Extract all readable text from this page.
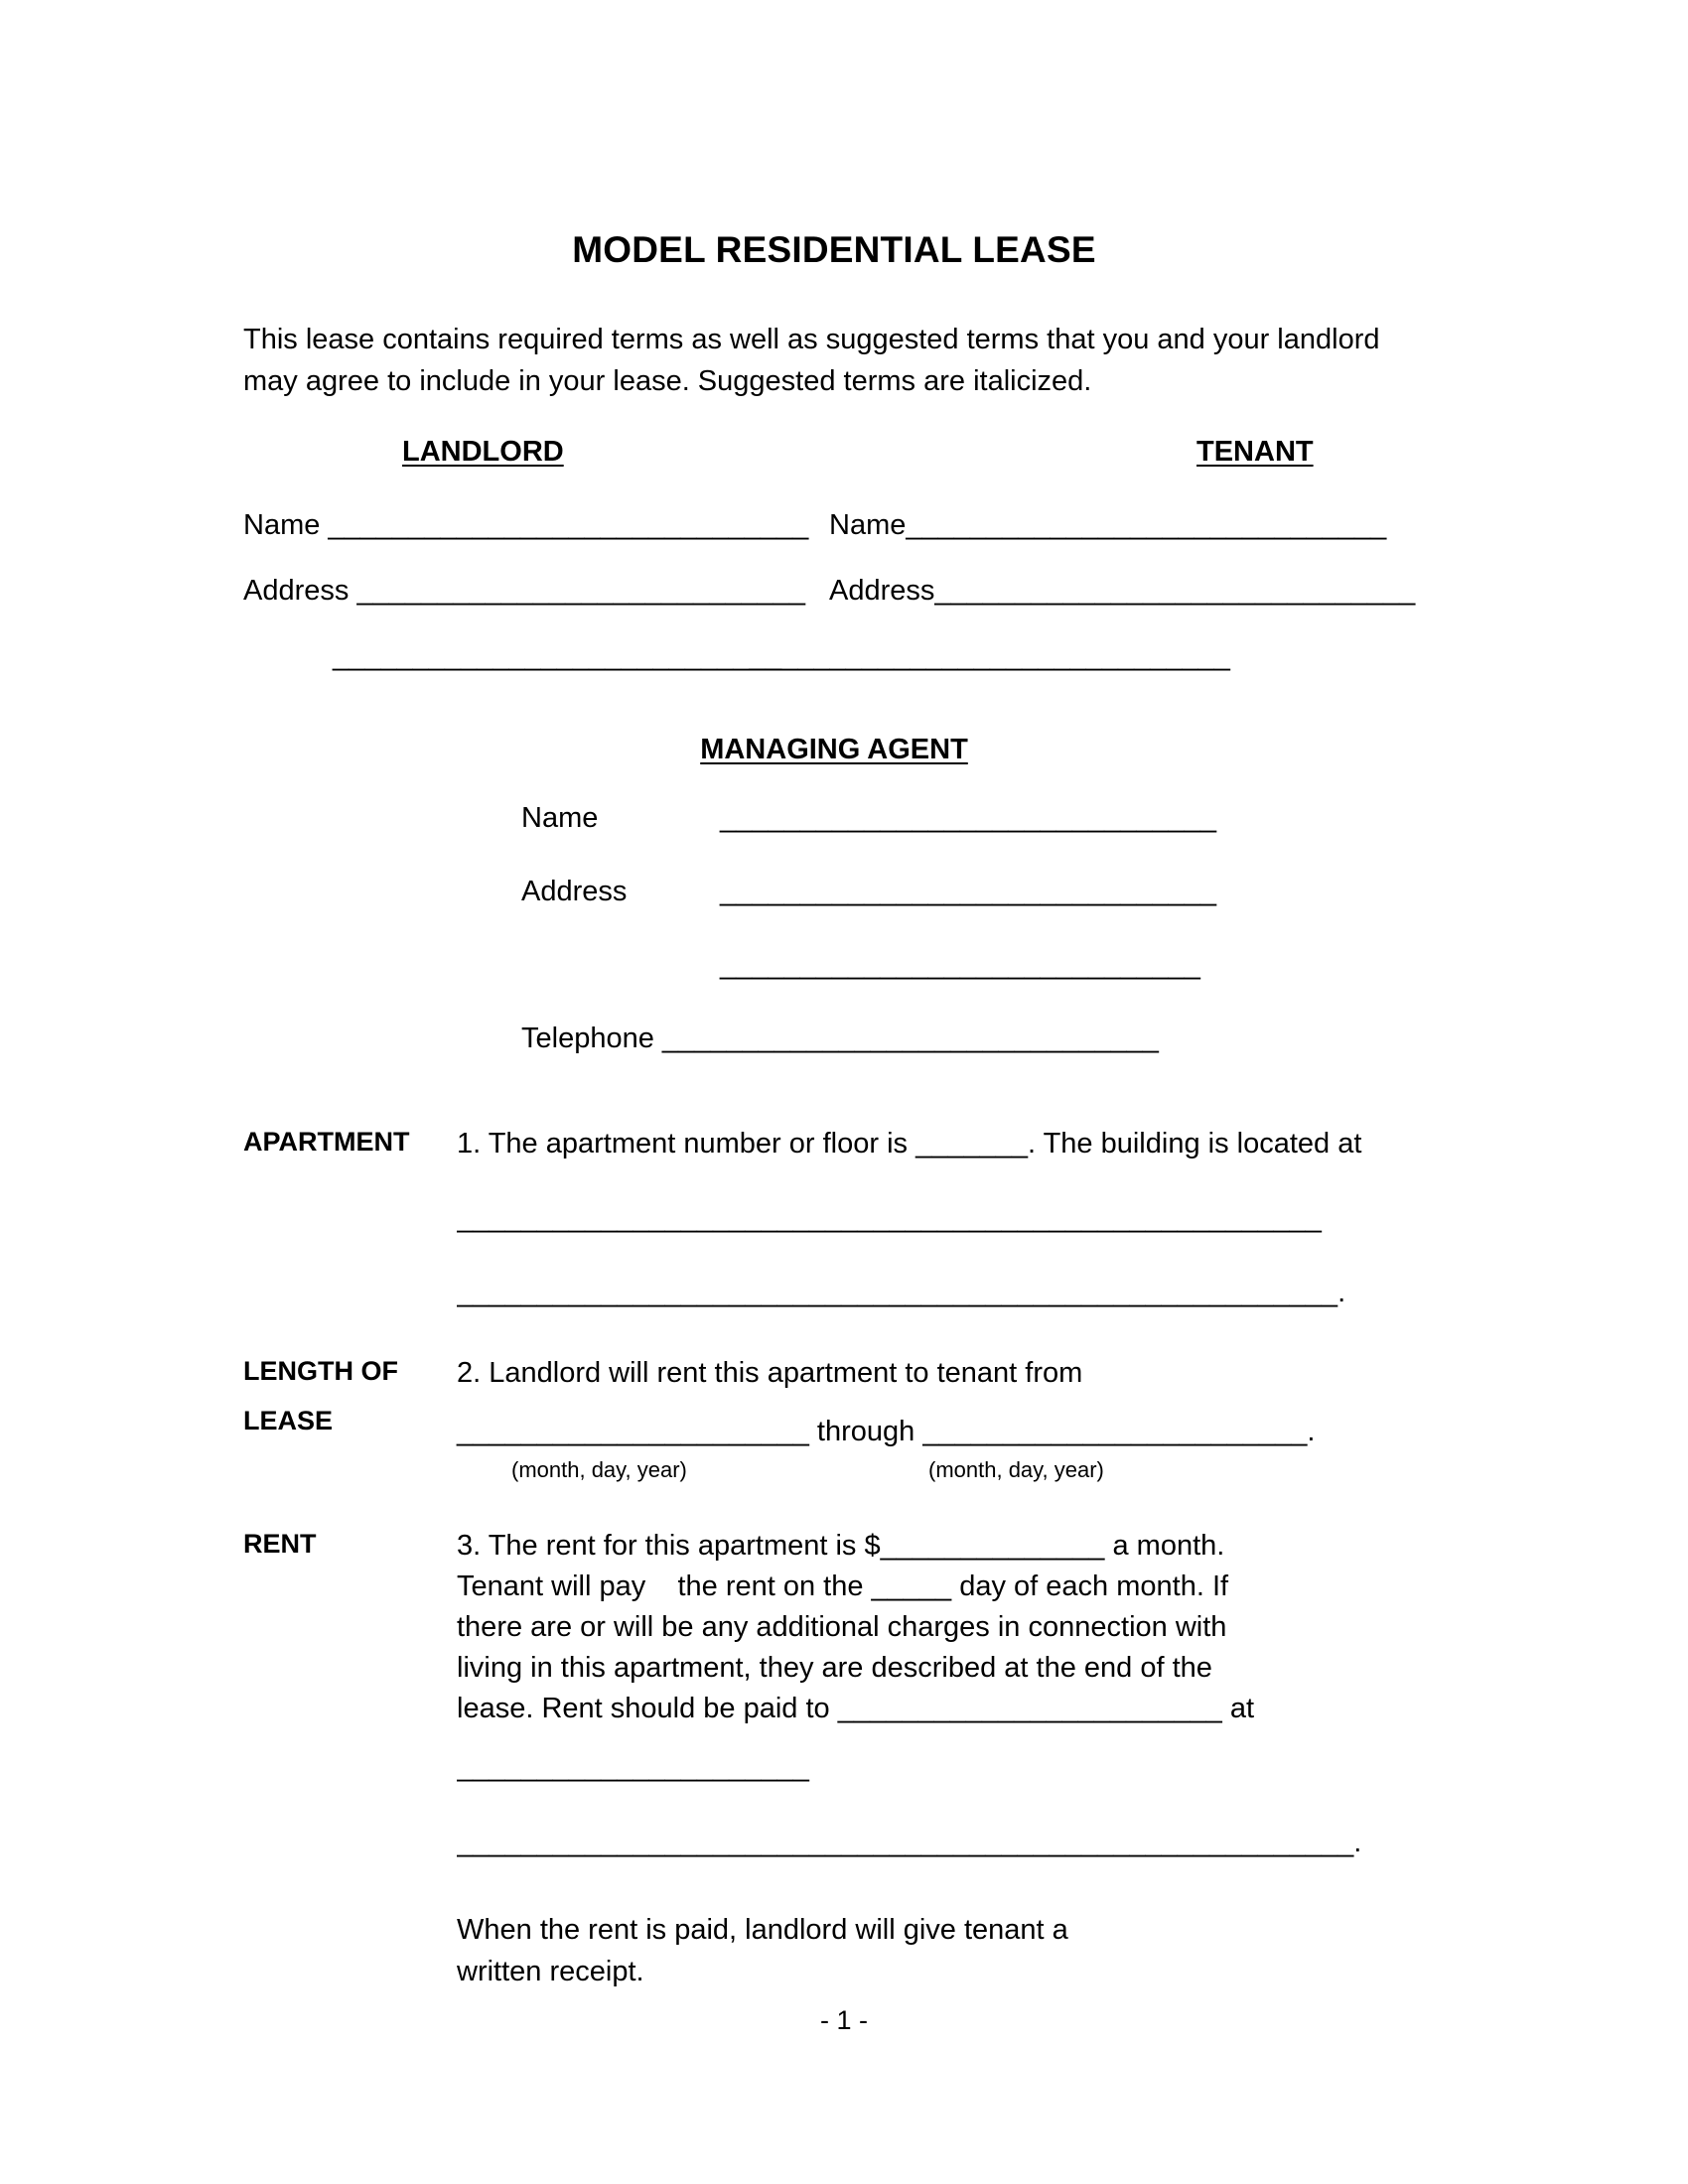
MODEL RESIDENTIAL LEASE

This lease contains required terms as well as suggested terms that you and your landlord may agree to include in your lease. Suggested terms are italicized.

LANDLORD	TENANT
Name ______________________________ Name______________________________
Address ____________________________ Address______________________________
____________________________
______________________________
MANAGING AGENT
Name	_______________________________
Address	_______________________________
______________________________
Telephone _______________________________
APARTMENT	1. The apartment number or floor is _______. The building is located at

______________________________________________________
_______________________________________________________.
LENGTH OF
LEASE

2. Landlord will rent this apartment to tenant from

______________________ through ________________________.
(month, day, year)	(month, day, year)
RENT	3. The rent for this apartment is $______________ a month.

Tenant will pay    the rent on the _____ day of each month. If

there are or will be any additional charges in connection with

living in this apartment, they are described at the end of the

lease. Rent should be paid to ________________________ at

______________________
________________________________________________________.

When the rent is paid, landlord will give tenant a

written receipt.

- 1 -
